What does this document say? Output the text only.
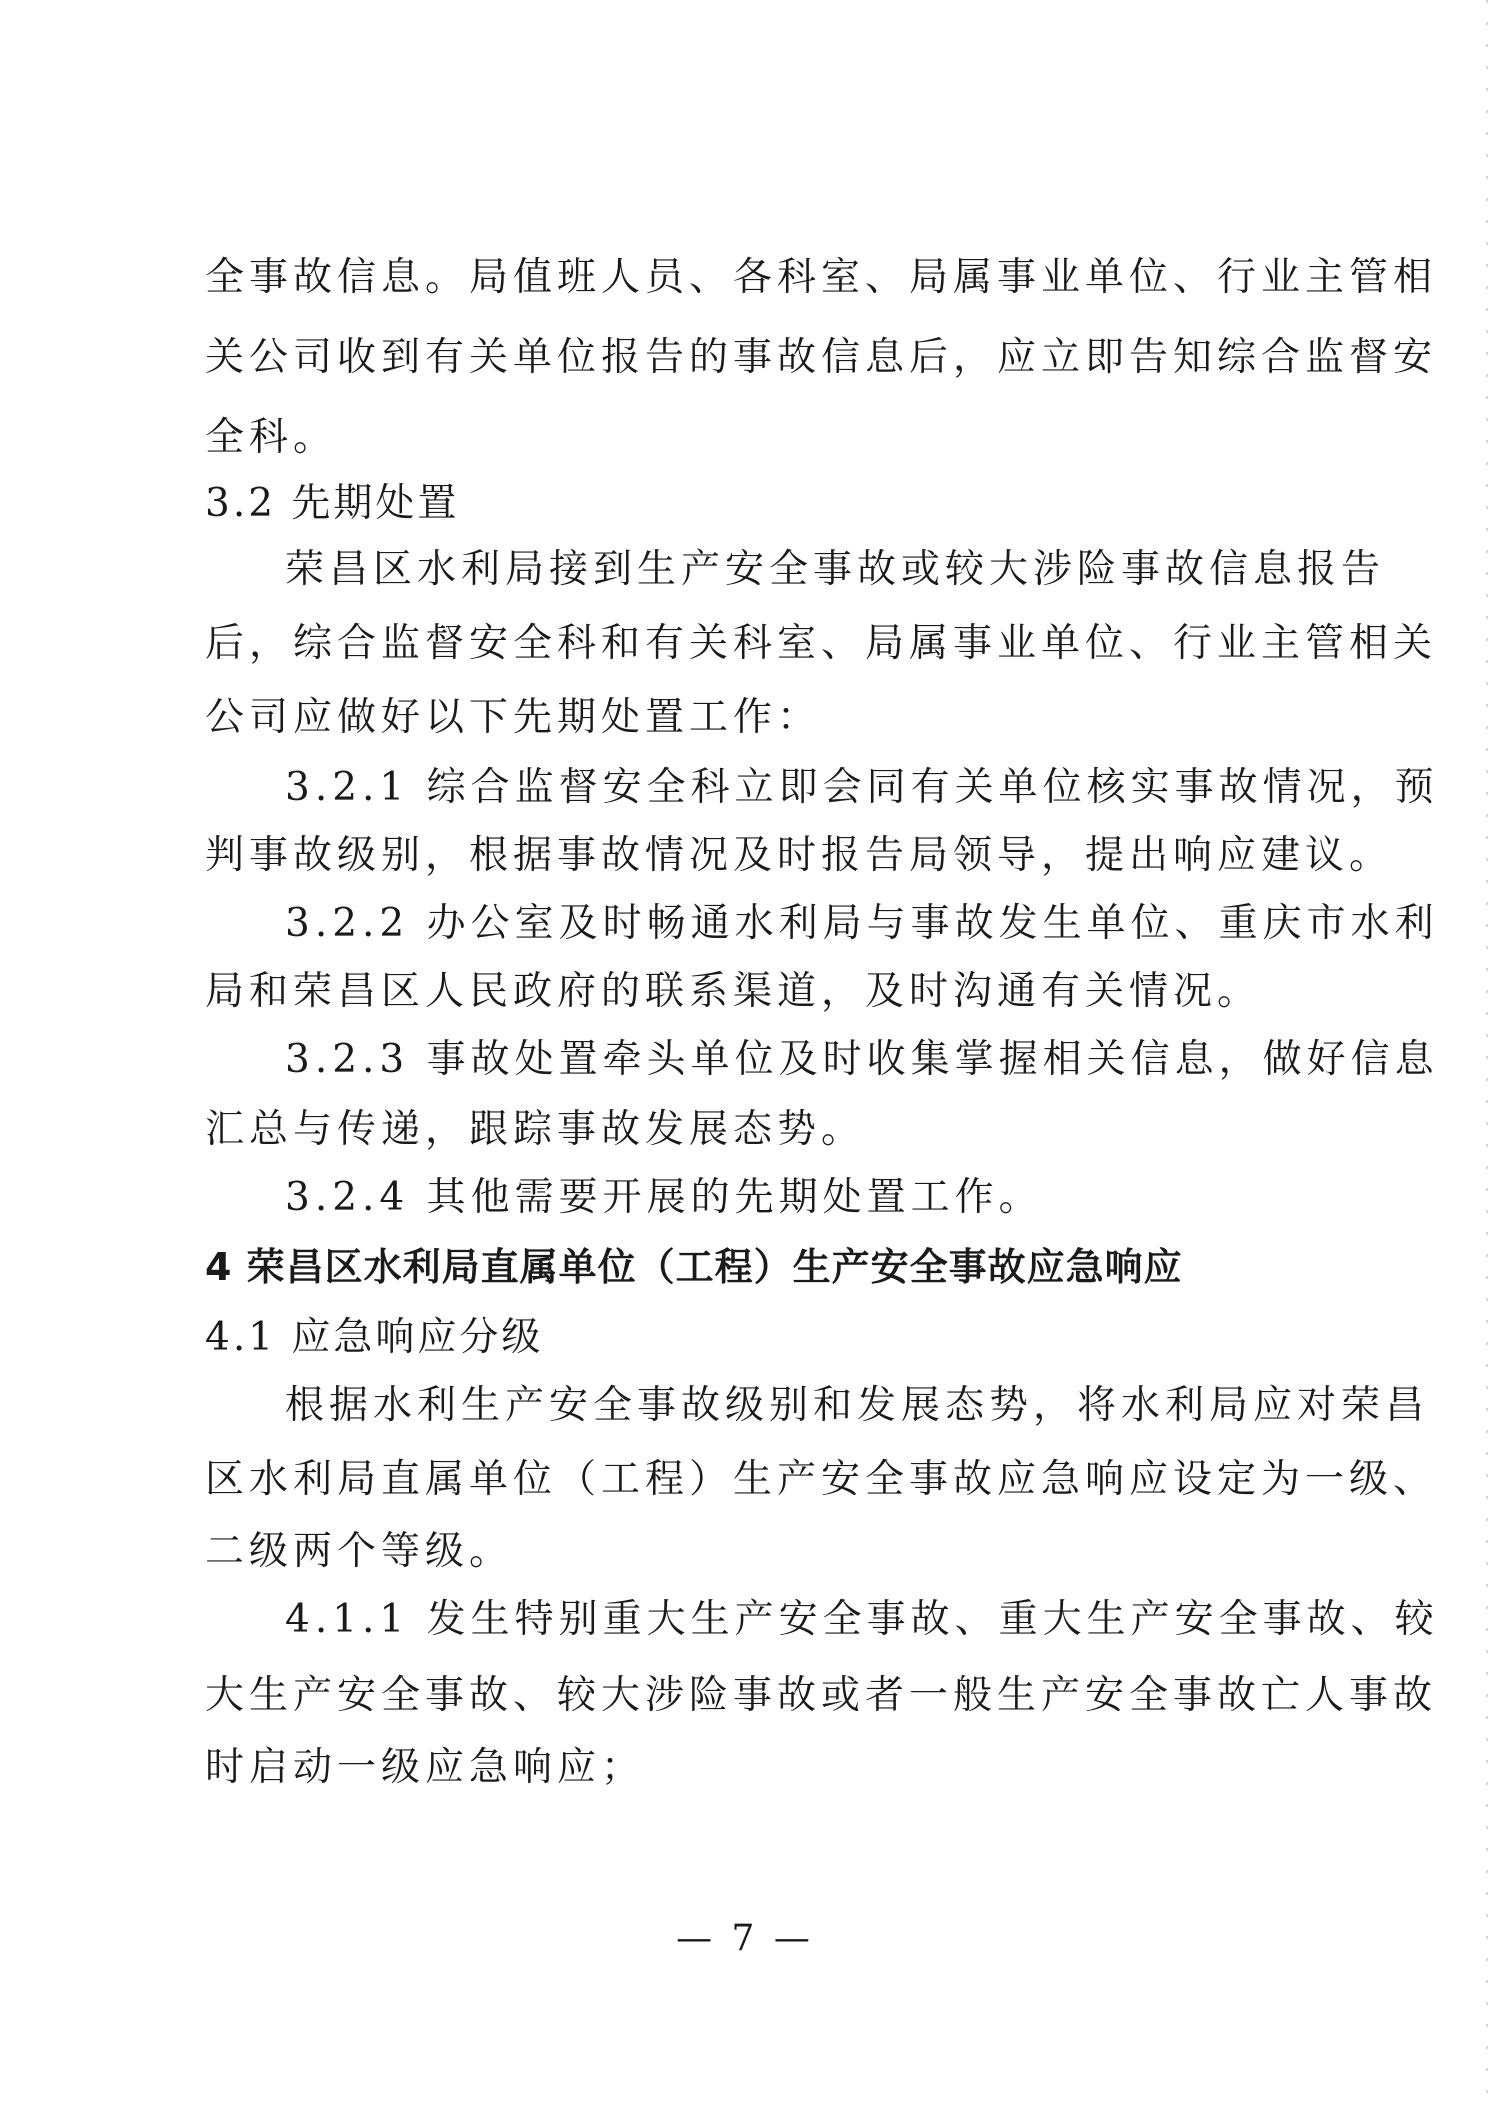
全事故信息。局值班人员、各科室、局属事业单位、行业主管相
关公司收到有关单位报告的事故信息后，应立即告知综合监督安
全科。
3.2 先期处置
荣昌区水利局接到生产安全事故或较大涉险事故信息报告
后，综合监督安全科和有关科室、局属事业单位、行业主管相关
公司应做好以下先期处置工作：
3.2.1 综合监督安全科立即会同有关单位核实事故情况，预
判事故级别，根据事故情况及时报告局领导，提出响应建议。
3.2.2 办公室及时畅通水利局与事故发生单位、重庆市水利
局和荣昌区人民政府的联系渠道，及时沟通有关情况。
3.2.3 事故处置牵头单位及时收集掌握相关信息，做好信息
汇总与传递，跟踪事故发展态势。
3.2.4 其他需要开展的先期处置工作。
4 荣昌区水利局直属单位（工程）生产安全事故应急响应
4.1 应急响应分级
根据水利生产安全事故级别和发展态势，将水利局应对荣昌
区水利局直属单位（工程）生产安全事故应急响应设定为一级、
二级两个等级。
4.1.1 发生特别重大生产安全事故、重大生产安全事故、较
大生产安全事故、较大涉险事故或者一般生产安全事故亡人事故
时启动一级应急响应；
— 7 —
